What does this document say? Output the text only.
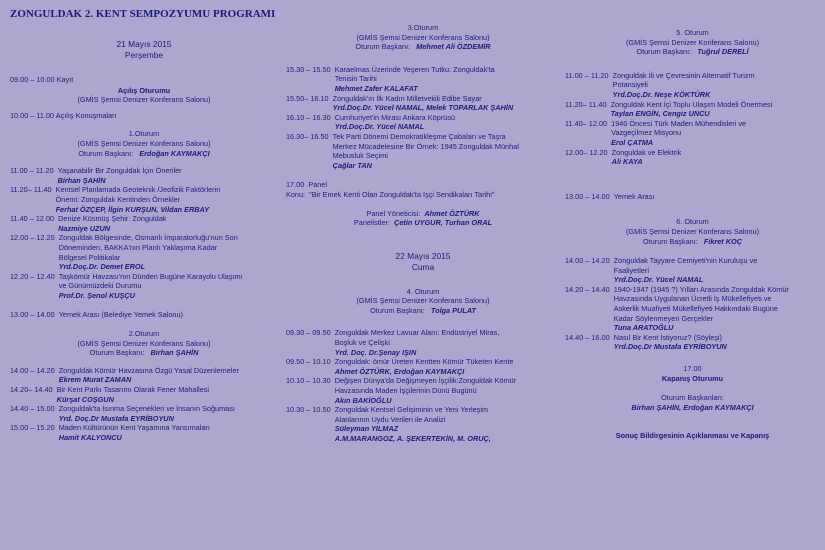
ZONGULDAK 2. KENT SEMPOZYUMU PROGRAMI
21 Mayıs 2015
Perşembe
09.00 – 10.00 Kayıt
Açılış Oturumu
(GMİS Şemsi Denizer Konferans Salonu)
10.00 – 11.00 Açılış Konuşmaları
1.Oturum
(GMİS Şemsi Denizer Konferans Salonu)
Oturum Başkanı: Erdoğan KAYMAKÇI
11.00 – 11.20
Yaşanabilir Bir Zonguldak İçin Öneriler
Birhan ŞAHİN
11.20– 11.40
Kentsel Planlamada Geoteknik /Jeofizik Faktörlerin
Önemi: Zonguldak Kentinden Örnekler
Ferhat ÖZÇEP, İlgin KURŞUN, Vildan ERBAY
11.40 – 12.00
Denize Küsmüş Şehir: Zonguldak
Nazmiye UZUN
12.00 – 12.20
Zonguldak Bölgesinde, Osmanlı İmparatorluğu'nun Son
Döneminden, BAKKA'nın Planlı Yaklaşıma Kadar
Bölgesel Politikalar
Yrd.Doç.Dr. Demet EROL
12.20 – 12.40
Taşkömür Havzası'nın Dünden Bugüne Karayolu Ulaşımı
ve Günümüzdeki Durumu
Prof.Dr. Şenol KUŞÇU
13.00 – 14.00 Yemek Arası (Belediye Yemek Salonu)
2.Oturum
(GMİS Şemsi Denizer Konferans Salonu)
Oturum Başkanı: Birhan ŞAHİN
14.00 – 14.20
Zonguldak Kömür Havzasına Özgü Yasal Düzenlemeler
Ekrem Murat ZAMAN
14.20– 14.40
Bir Kent Parkı Tasarımı Olarak Fener Mahallesi
Kürşat COŞGUN
14.40 – 15.00
Zonguldak'ta İsınma Seçenekleri ve İnsanın Soğuması
Yrd. Doç.Dr Mustafa EYRİBOYUN
15.00 – 15.20
Maden Kültürünün Kent Yaşamına Yansımaları
Hamit KALYONCU
3.Oturum
(GMİS Şemsi Denizer Konferans Salonu)
Oturum Başkanı: Mehmet Ali ÖZDEMİR
15.30 – 15.50
Karaelmas Üzerinde Yeşeren Tutku: Zonguldak'ta
Tenisin Tarihi
Mehmet Zafer KALAFAT
15.50– 16.10
Zonguldak'ın İlk Kadın Milletvekili Edibe Sayar
Yrd.Doç.Dr. Yücel NAMAL, Melek TOPARLAK ŞAHİN
16.10 – 16.30
Cumhuriyet'in Mirası Ankara Köprüsü
Yrd.Doç.Dr. Yücel NAMAL
16.30– 16.50
Tek Parti Dönemi Demokratikleşme Çabaları ve Taşra
Merkez Mücadelesine Bir Örnek: 1945 Zonguldak Münhal
Mebusluk Seçimi
Çağlar TAN
17.00 Panel
Konu: "Bir Emek Kenti Olan Zonguldak'ta İşçi Sendikaları Tarihi"
Panel Yöneticisi: Ahmet ÖZTÜRK
Panelistler: Çetin UYGUR, Turhan ORAL
22 Mayıs 2015
Cuma
4. Oturum
(GMİS Şemsi Denizer Konferans Salonu)
Oturum Başkanı: Tolga PULAT
09.30 – 09.50
Zonguldak Merkez Lavuar Alanı: Endüstriyel Miras,
Boşluk ve Çelişki
Yrd. Doç. Dr.Şenay IŞIN
09.50 – 10.10
Zonguldak: ömür Üreten Kentten Kömür Tüketen Kente
Ahmet ÖZTÜRK, Erdoğan KAYMAKÇI
10.10 – 10.30
Değişen Dünya'da Değişmeyen İşçilik:Zonguldak Kömür
Havzasında Maden İşçilerinin Dünü Bugünü
Akın BAKİOĞLU
10.30 – 10.50
Zonguldak Kentsel Gelişiminin ve Yeni Yerleşim
Alanlarının Uydu Verileri ile Analizi
Süleyman YILMAZ
A.M.MARANGOZ, A. ŞEKERTEKİN, M. ORUÇ,
5. Oturum
(GMİS Şemsi Denizer Konferans Salonu)
Oturum Başkanı: Tuğrul DERELİ
11.00 – 11.20
Zonguldak İli ve Çevresinin Alternatif Turizm
Potansiyeli
Yrd.Doç.Dr. Neşe KÖKTÜRK
11.20– 11.40
Zonguldak Kent İçi Toplu Ulaşım Modeli Önermesi
Taylan ENGİN, Cengiz UNCU
11.40– 12.00
1940 Öncesi Türk Maden Mühendisleri ve
Vazgeçilmez Misyonu
Erol ÇATMA
12.00– 12.20
Zonguldak ve Elektrik
Ali KAYA
13.00 – 14.00 Yemek Arası
6. Oturum
(GMİS Şemsi Denizer Konferans Salonu)
Oturum Başkanı: Fikret KOÇ
14.00 – 14.20
Zonguldak Tayyare Cemiyeti'nin Kuruluşu ve
Faaliyetleri
Yrd.Doç.Dr. Yücel NAMAL
14.20 – 14.40
1940-1947 (1945 ?) Yılları Arasında Zonguldak Kömür
Havzasında Uygulanan Ücretli İş Mükellefiyeti ve
Askerlik Muafiyeti Mükellefiyeti Hakkındaki Bugüne
Kadar Söylenmeyen Gerçekler
Tuna ARATOĞLU
14.40 – 16.00
Nasıl Bir Kent İstiyoruz? (Söyleşi)
Yrd.Doç.Dr Mustafa EYRİBOYUN
17.00
Kapanış Oturumu
Oturum Başkanları:
Birhan ŞAHİN, Erdoğan KAYMAKÇI
Sonuç Bildirgesinin Açıklanması ve Kapanış
